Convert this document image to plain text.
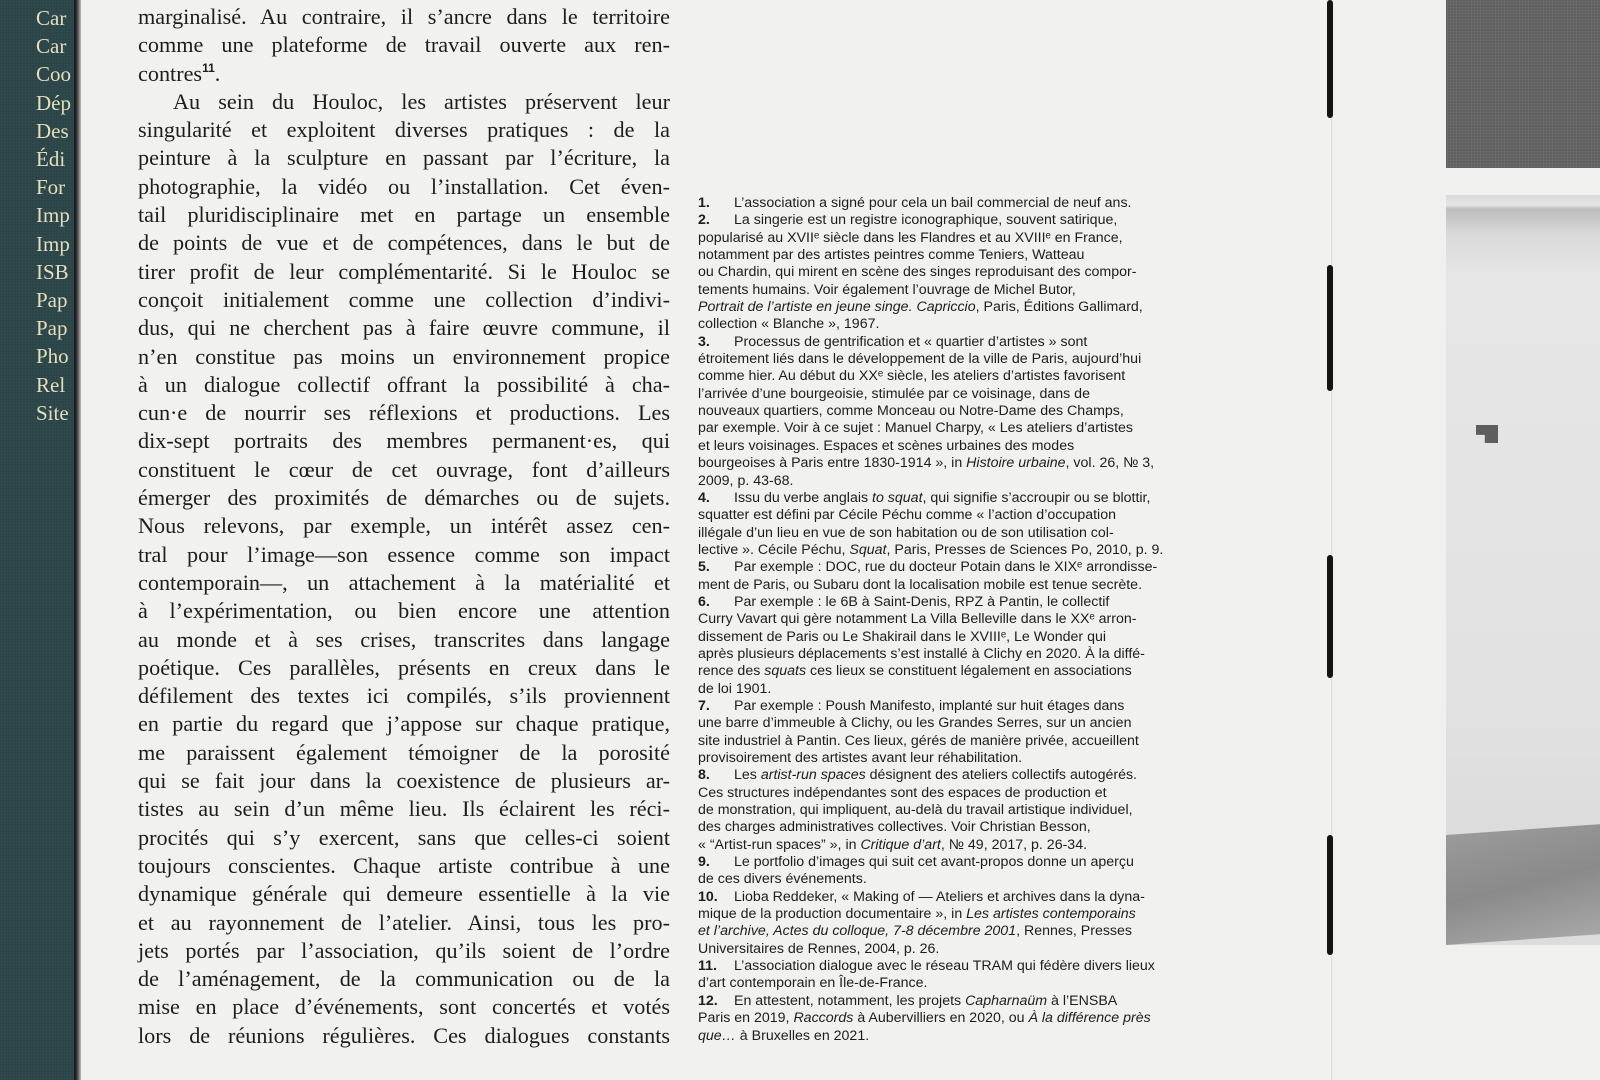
Car
Car
Coo
Dép
Des
Édi
For
Imp
Imp
ISB
Pap
Pap
Pho
Rel
Site
marginalisé. Au contraire, il s’ancre dans le territoire
comme une plateforme de travail ouverte aux ren-
contres$^{11}$.
Au sein du Houloc, les artistes préservent leur
singularité et exploitent diverses pratiques : de la
peinture à la sculpture en passant par l’écriture, la
photographie, la vidéo ou l’installation. Cet éven-
tail pluridisciplinaire met en partage un ensemble
de points de vue et de compétences, dans le but de
tirer profit de leur complémentarité. Si le Houloc se
conçoit initialement comme une collection d’indivi-
dus, qui ne cherchent pas à faire œuvre commune, il
n’en constitue pas moins un environnement propice
à un dialogue collectif offrant la possibilité à cha-
cun·e de nourrir ses réflexions et productions. Les
dix-sept portraits des membres permanent·es, qui
constituent le cœur de cet ouvrage, font d’ailleurs
émerger des proximités de démarches ou de sujets.
Nous relevons, par exemple, un intérêt assez cen-
tral pour l’image—son essence comme son impact
contemporain—, un attachement à la matérialité et
à l’expérimentation, ou bien encore une attention
au monde et à ses crises, transcrites dans langage
poétique. Ces parallèles, présents en creux dans le
défilement des textes ici compilés, s’ils proviennent
en partie du regard que j’appose sur chaque pratique,
me paraissent également témoigner de la porosité
qui se fait jour dans la coexistence de plusieurs ar-
tistes au sein d’un même lieu. Ils éclairent les réci-
procités qui s’y exercent, sans que celles-ci soient
toujours conscientes. Chaque artiste contribue à une
dynamique générale qui demeure essentielle à la vie
et au rayonnement de l’atelier. Ainsi, tous les pro-
jets portés par l’association, qu’ils soient de l’ordre
de l’aménagement, de la communication ou de la
mise en place d’événements, sont concertés et votés
lors de réunions régulières. Ces dialogues constants
1. L’association a signé pour cela un bail commercial de neuf ans.
2. La singerie est un registre iconographique, souvent satirique,
popularisé au XVIIᵉ siècle dans les Flandres et au XVIIIᵉ en France,
notamment par des artistes peintres comme Teniers, Watteau
ou Chardin, qui mirent en scène des singes reproduisant des compor-
tements humains. Voir également l’ouvrage de Michel Butor,
Portrait de l’artiste en jeune singe. Capriccio, Paris, Éditions Gallimard,
collection « Blanche », 1967.
3. Processus de gentrification et « quartier d’artistes » sont
étroitement liés dans le développement de la ville de Paris, aujourd’hui
comme hier. Au début du XXᵉ siècle, les ateliers d’artistes favorisent
l’arrivée d’une bourgeoisie, stimulée par ce voisinage, dans de
nouveaux quartiers, comme Monceau ou Notre-Dame des Champs,
par exemple. Voir à ce sujet : Manuel Charpy, « Les ateliers d’artistes
et leurs voisinages. Espaces et scènes urbaines des modes
bourgeoises à Paris entre 1830-1914 », in Histoire urbaine, vol. 26, № 3,
2009, p. 43-68.
4. Issu du verbe anglais to squat, qui signifie s’accroupir ou se blottir,
squatter est défini par Cécile Péchu comme « l’action d’occupation
illégale d’un lieu en vue de son habitation ou de son utilisation col-
lective ». Cécile Péchu, Squat, Paris, Presses de Sciences Po, 2010, p. 9.
5. Par exemple : DOC, rue du docteur Potain dans le XIXᵉ arrondisse-
ment de Paris, ou Subaru dont la localisation mobile est tenue secrète.
6. Par exemple : le 6B à Saint-Denis, RPZ à Pantin, le collectif
Curry Vavart qui gère notamment La Villa Belleville dans le XXᵉ arron-
dissement de Paris ou Le Shakirail dans le XVIIIᵉ, Le Wonder qui
après plusieurs déplacements s’est installé à Clichy en 2020. À la diffé-
rence des squats ces lieux se constituent légalement en associations
de loi 1901.
7. Par exemple : Poush Manifesto, implanté sur huit étages dans
une barre d’immeuble à Clichy, ou les Grandes Serres, sur un ancien
site industriel à Pantin. Ces lieux, gérés de manière privée, accueillent
provisoirement des artistes avant leur réhabilitation.
8. Les artist-run spaces désignent des ateliers collectifs autogérés.
Ces structures indépendantes sont des espaces de production et
de monstration, qui impliquent, au-delà du travail artistique individuel,
des charges administratives collectives. Voir Christian Besson,
« “Artist-run spaces” », in Critique d’art, № 49, 2017, p. 26-34.
9. Le portfolio d’images qui suit cet avant-propos donne un aperçu
de ces divers événements.
10. Lioba Reddeker, « Making of — Ateliers et archives dans la dyna-
mique de la production documentaire », in Les artistes contemporains
et l’archive, Actes du colloque, 7-8 décembre 2001, Rennes, Presses
Universitaires de Rennes, 2004, p. 26.
11. L’association dialogue avec le réseau TRAM qui fédère divers lieux
d’art contemporain en Île-de-France.
12. En attestent, notamment, les projets Capharnaüm à l’ENSBA
Paris en 2019, Raccords à Aubervilliers en 2020, ou À la différence près
que… à Bruxelles en 2021.
